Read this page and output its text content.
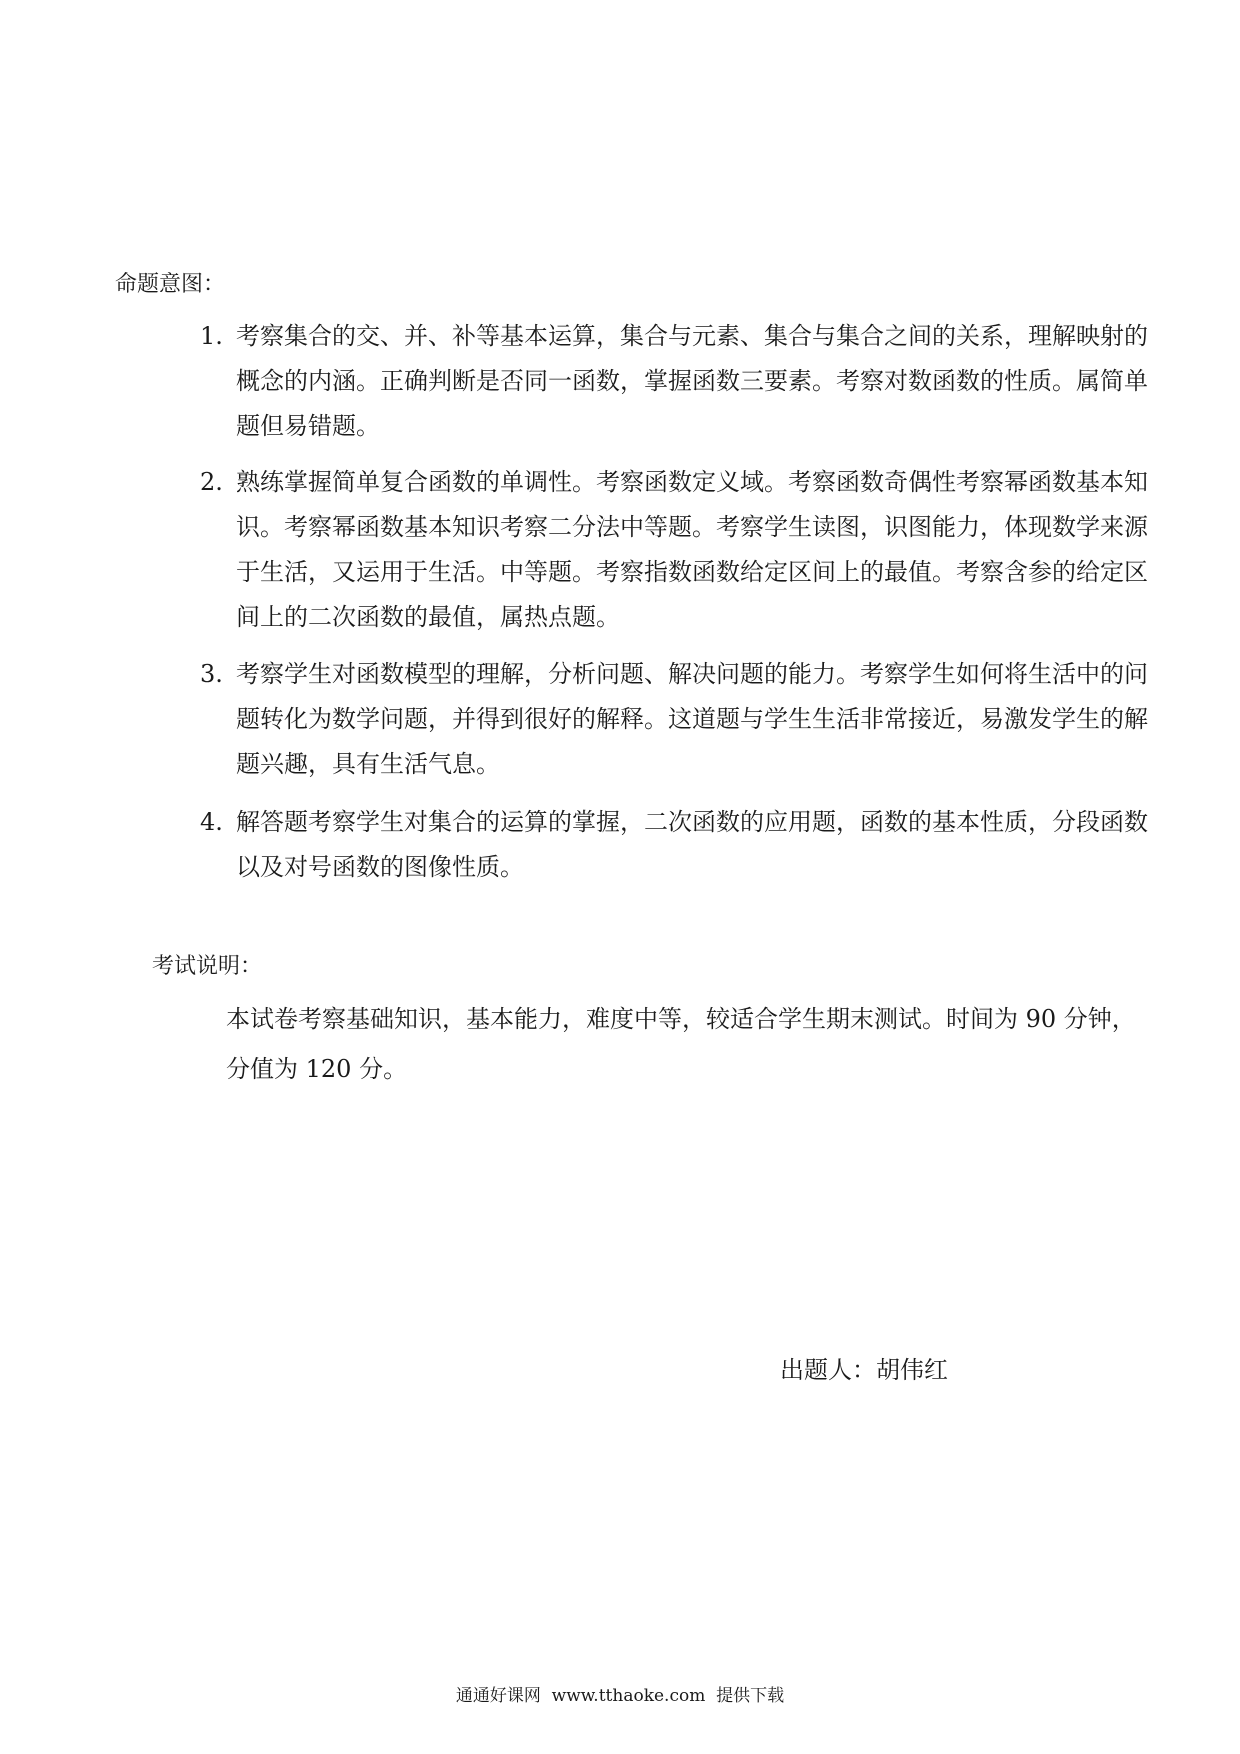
命题意图：
1. 考察集合的交、并、补等基本运算，集合与元素、集合与集合之间的关系，理解映射的概念的内涵。正确判断是否同一函数，掌握函数三要素。考察对数函数的性质。属简单题但易错题。
2. 熟练掌握简单复合函数的单调性。考察函数定义域。考察函数奇偶性考察幂函数基本知识。考察幂函数基本知识考察二分法中等题。考察学生读图，识图能力，体现数学来源于生活，又运用于生活。中等题。考察指数函数给定区间上的最值。考察含参的给定区间上的二次函数的最值，属热点题。
3. 考察学生对函数模型的理解，分析问题、解决问题的能力。考察学生如何将生活中的问题转化为数学问题，并得到很好的解释。这道题与学生生活非常接近，易激发学生的解题兴趣，具有生活气息。
4. 解答题考察学生对集合的运算的掌握，二次函数的应用题，函数的基本性质，分段函数以及对号函数的图像性质。
考试说明：
本试卷考察基础知识，基本能力，难度中等，较适合学生期末测试。时间为 90 分钟，分值为 120 分。
出题人：胡伟红
通通好课网  www.tthaoke.com  提供下载
